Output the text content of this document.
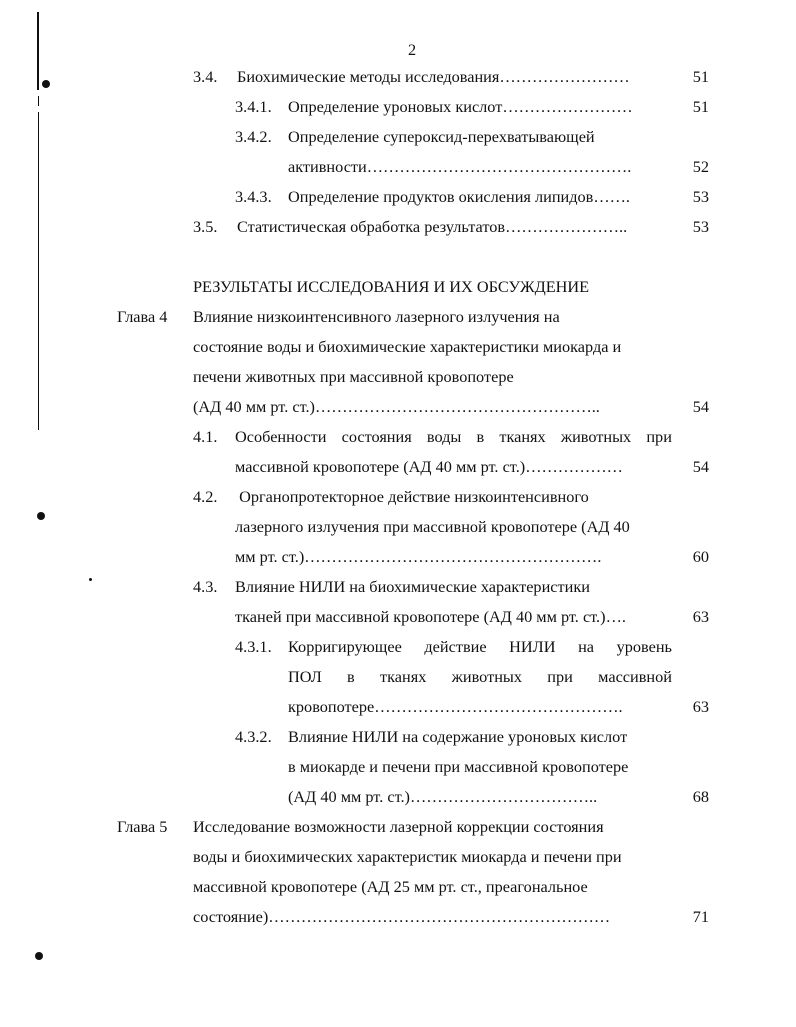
2
3.4. Биохимические методы исследования……………………	51
3.4.1. Определение уроновых кислот……………………	51
3.4.2. Определение супероксид-перехватывающей
активности………………………………………….	52
3.4.3. Определение продуктов окисления липидов…….	53
3.5. Статистическая обработка результатов…………………..	53
РЕЗУЛЬТАТЫ ИССЛЕДОВАНИЯ И ИХ ОБСУЖДЕНИЕ
Глава 4 Влияние низкоинтенсивного лазерного излучения на
состояние воды и биохимические характеристики миокарда и
печени животных при массивной кровопотере
(АД 40 мм рт. ст.)……………………………………………..	54
4.1. Особенности состояния воды в тканях животных при
массивной кровопотере (АД 40 мм рт. ст.)………………	54
4.2. Органопротекторное действие низкоинтенсивного
лазерного излучения при массивной кровопотере (АД 40
мм рт. ст.)……………………………………………….	60
4.3. Влияние НИЛИ на биохимические характеристики
тканей при массивной кровопотере (АД 40 мм рт. ст.)….	63
4.3.1. Корригирующее действие НИЛИ на уровень
ПОЛ в тканях животных при массивной
кровопотере……………………………………….	63
4.3.2. Влияние НИЛИ на содержание уроновых кислот
в миокарде и печени при массивной кровопотере
(АД 40 мм рт. ст.)……………………………..	68
Глава 5 Исследование возможности лазерной коррекции состояния
воды и биохимических характеристик миокарда и печени при
массивной кровопотере (АД 25 мм рт. ст., преагональное
состояние)………………………………………………………	71
